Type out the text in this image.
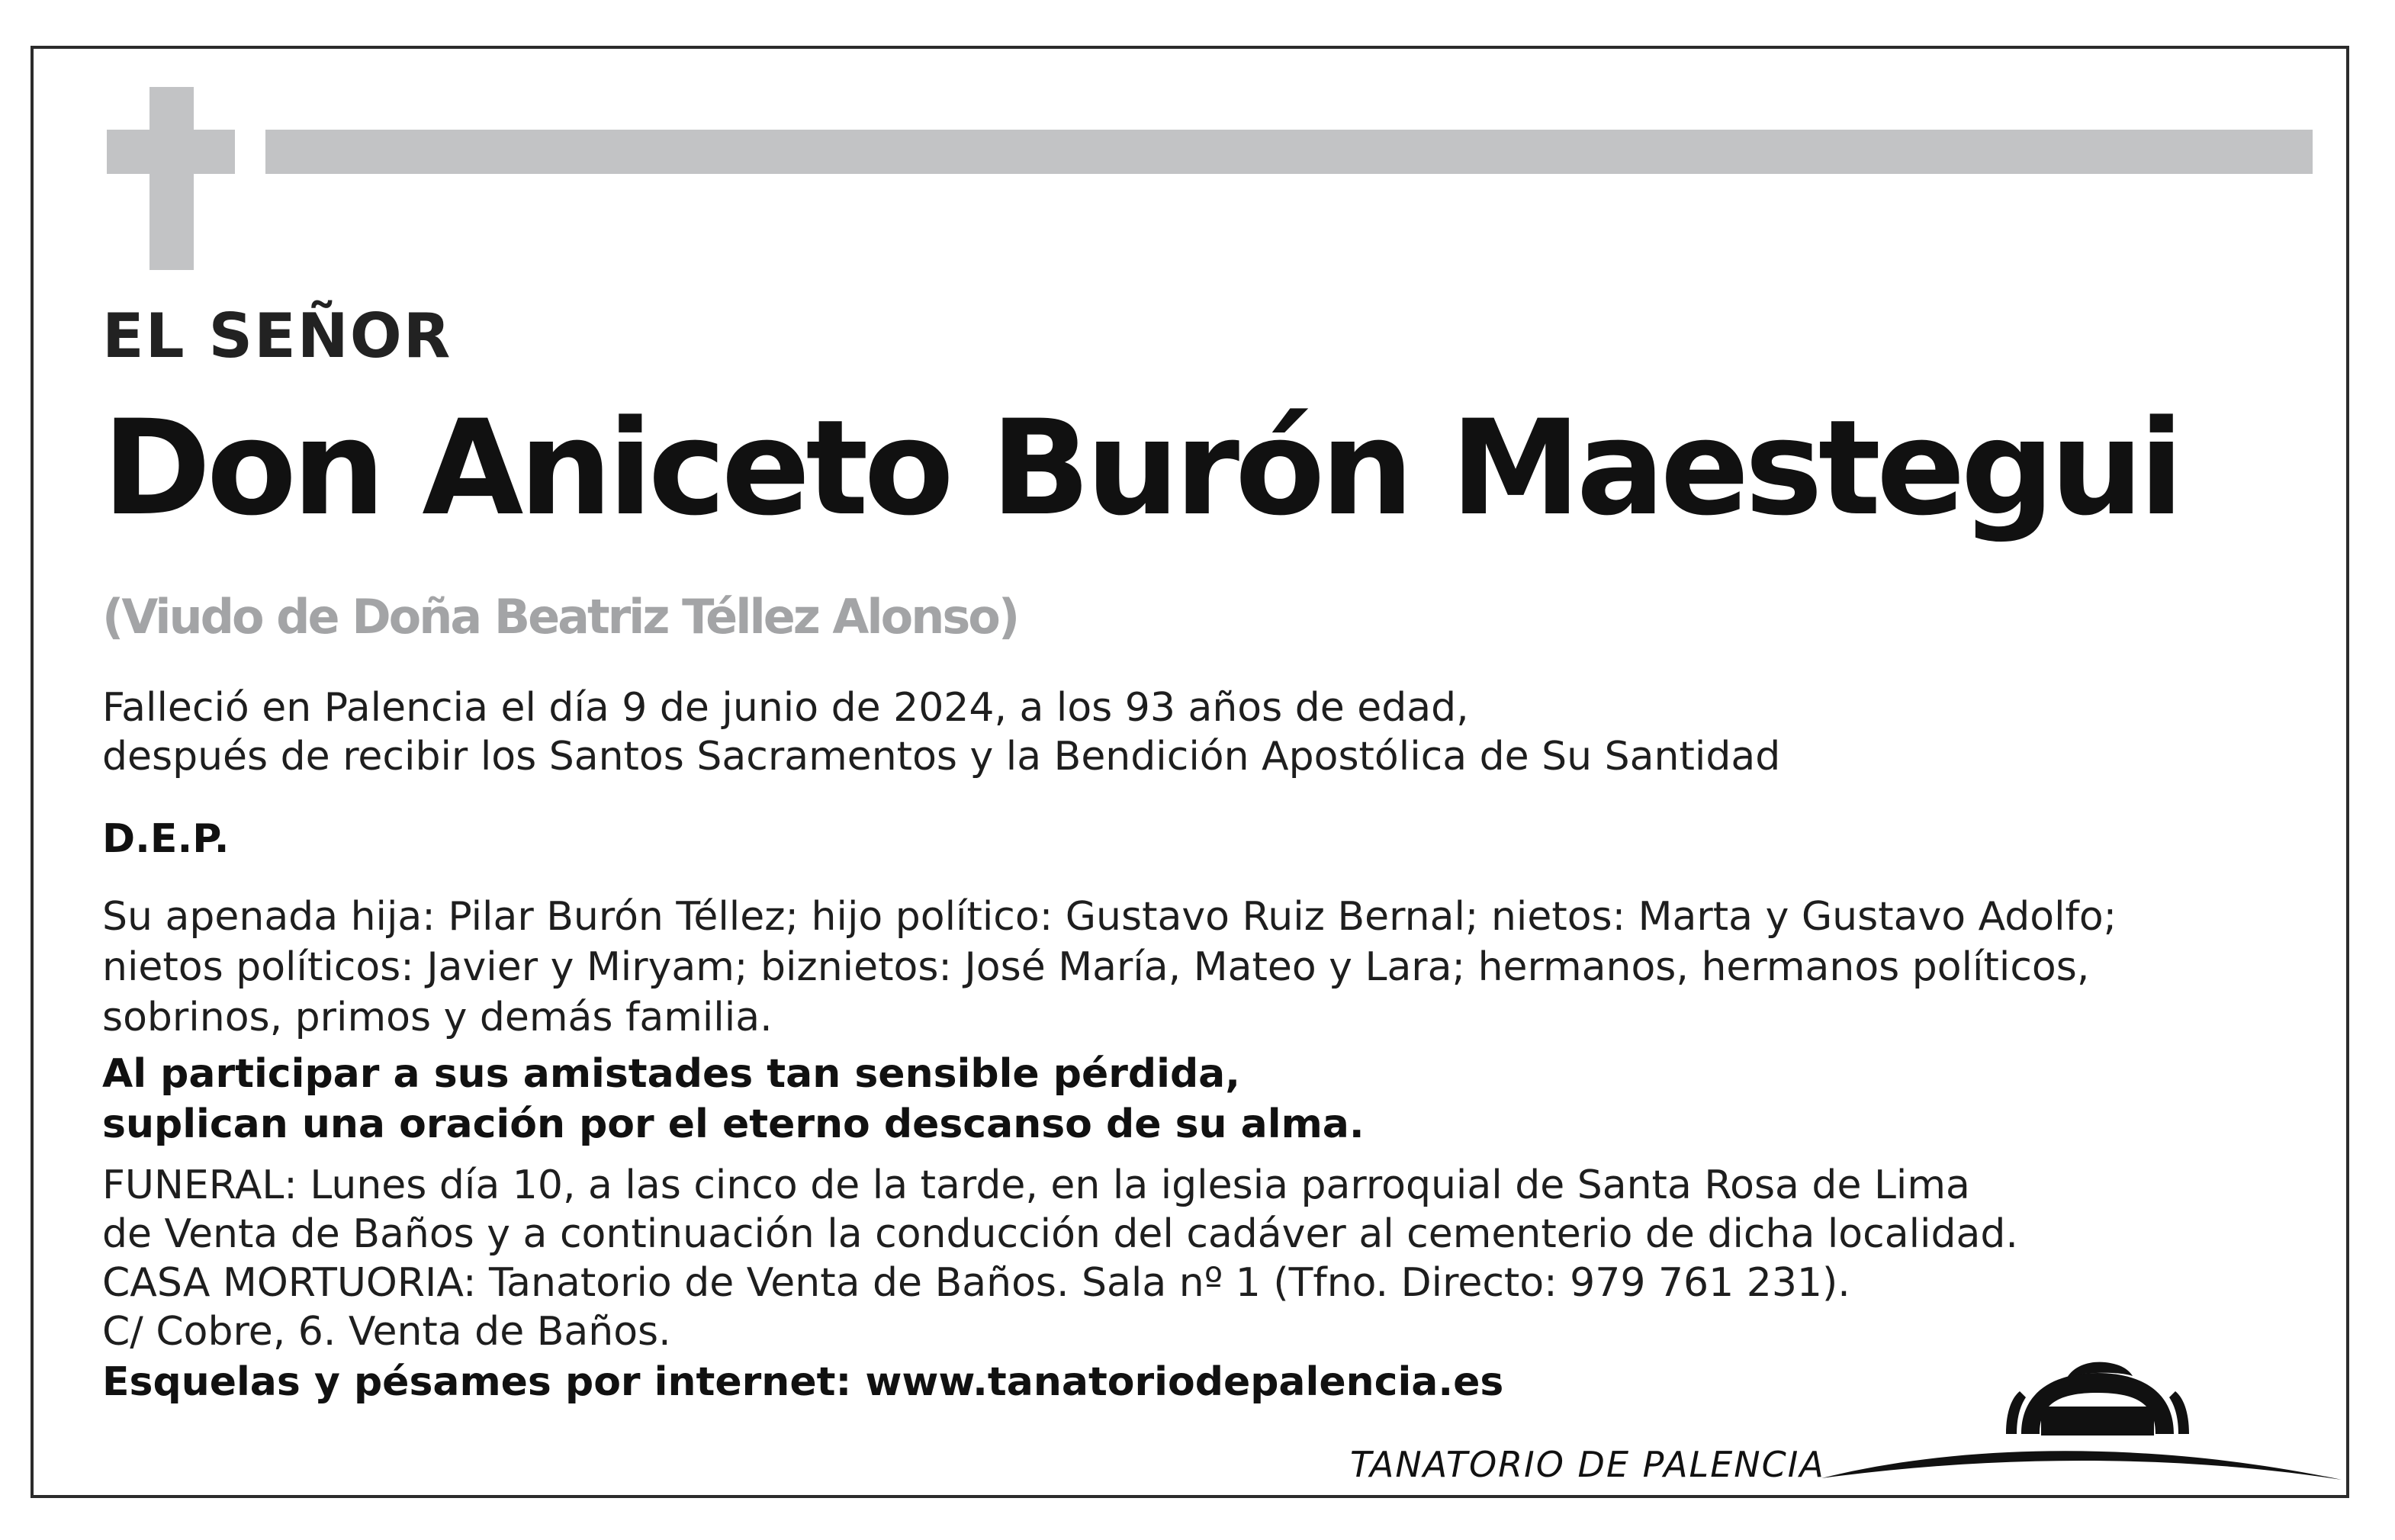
EL SEÑOR

Don Aniceto Burón Maestegui

(Viudo de Doña Beatriz Téllez Alonso)

Falleció en Palencia el día 9 de junio de 2024, a los 93 años de edad,

después de recibir los Santos Sacramentos y la Bendición Apostólica de Su Santidad

D.E.P.

Su apenada hija: Pilar Burón Téllez; hijo político: Gustavo Ruiz Bernal; nietos: Marta y Gustavo Adolfo;

nietos políticos: Javier y Miryam; biznietos: José María, Mateo y Lara; hermanos, hermanos políticos,

sobrinos, primos y demás familia.

Al participar a sus amistades tan sensible pérdida,

suplican una oración por el eterno descanso de su alma.

FUNERAL: Lunes día 10, a las cinco de la tarde, en la iglesia parroquial de Santa Rosa de Lima

de Venta de Baños y a continuación la conducción del cadáver al cementerio de dicha localidad.

CASA MORTUORIA: Tanatorio de Venta de Baños. Sala nº 1 (Tfno. Directo: 979 761 231).

C/ Cobre, 6. Venta de Baños.

Esquelas y pésames por internet: www.tanatoriodepalencia.es

TANATORIO DE PALENCIA
